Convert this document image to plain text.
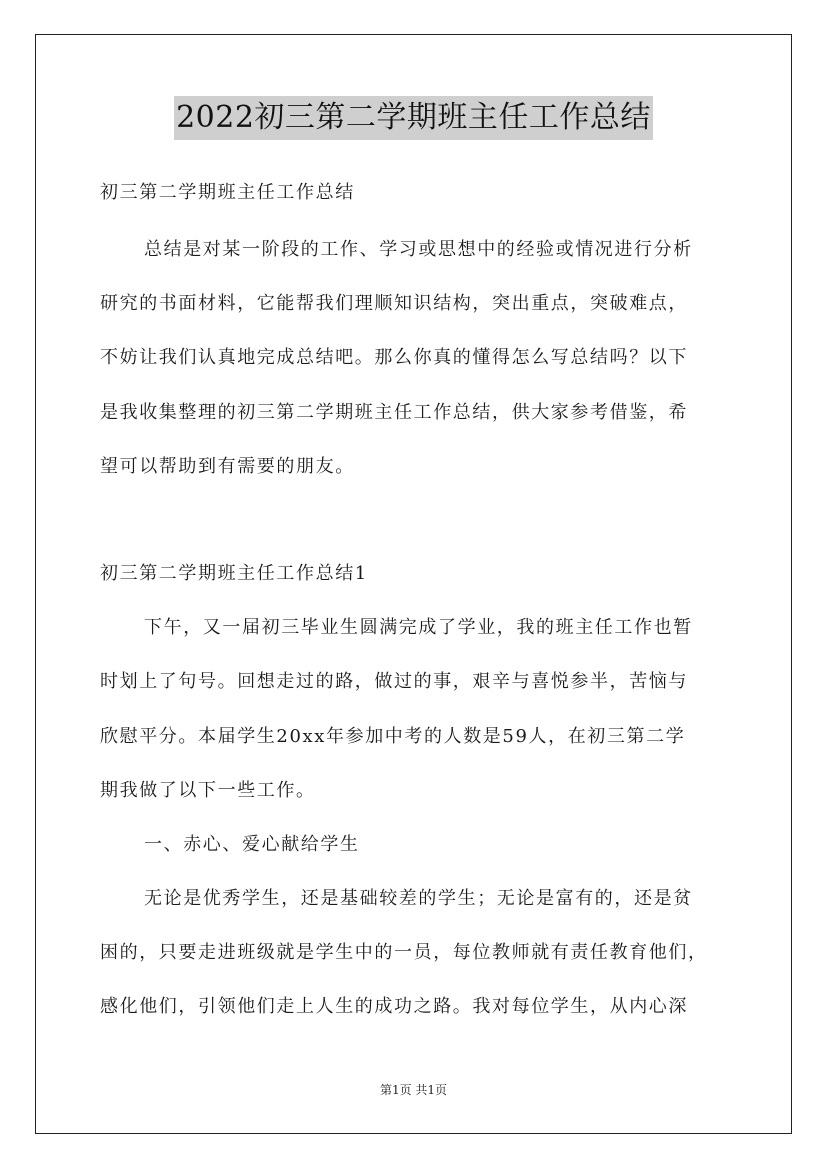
2022初三第二学期班主任工作总结
初三第二学期班主任工作总结
总结是对某一阶段的工作、学习或思想中的经验或情况进行分析
研究的书面材料，它能帮我们理顺知识结构，突出重点，突破难点，
不妨让我们认真地完成总结吧。那么你真的懂得怎么写总结吗？以下
是我收集整理的初三第二学期班主任工作总结，供大家参考借鉴，希
望可以帮助到有需要的朋友。
初三第二学期班主任工作总结1
下午，又一届初三毕业生圆满完成了学业，我的班主任工作也暂
时划上了句号。回想走过的路，做过的事，艰辛与喜悦参半，苦恼与
欣慰平分。本届学生20xx年参加中考的人数是59人，在初三第二学
期我做了以下一些工作。
一、赤心、爱心献给学生
无论是优秀学生，还是基础较差的学生；无论是富有的，还是贫
困的，只要走进班级就是学生中的一员，每位教师就有责任教育他们，
感化他们，引领他们走上人生的成功之路。我对每位学生，从内心深
第1页 共1页
